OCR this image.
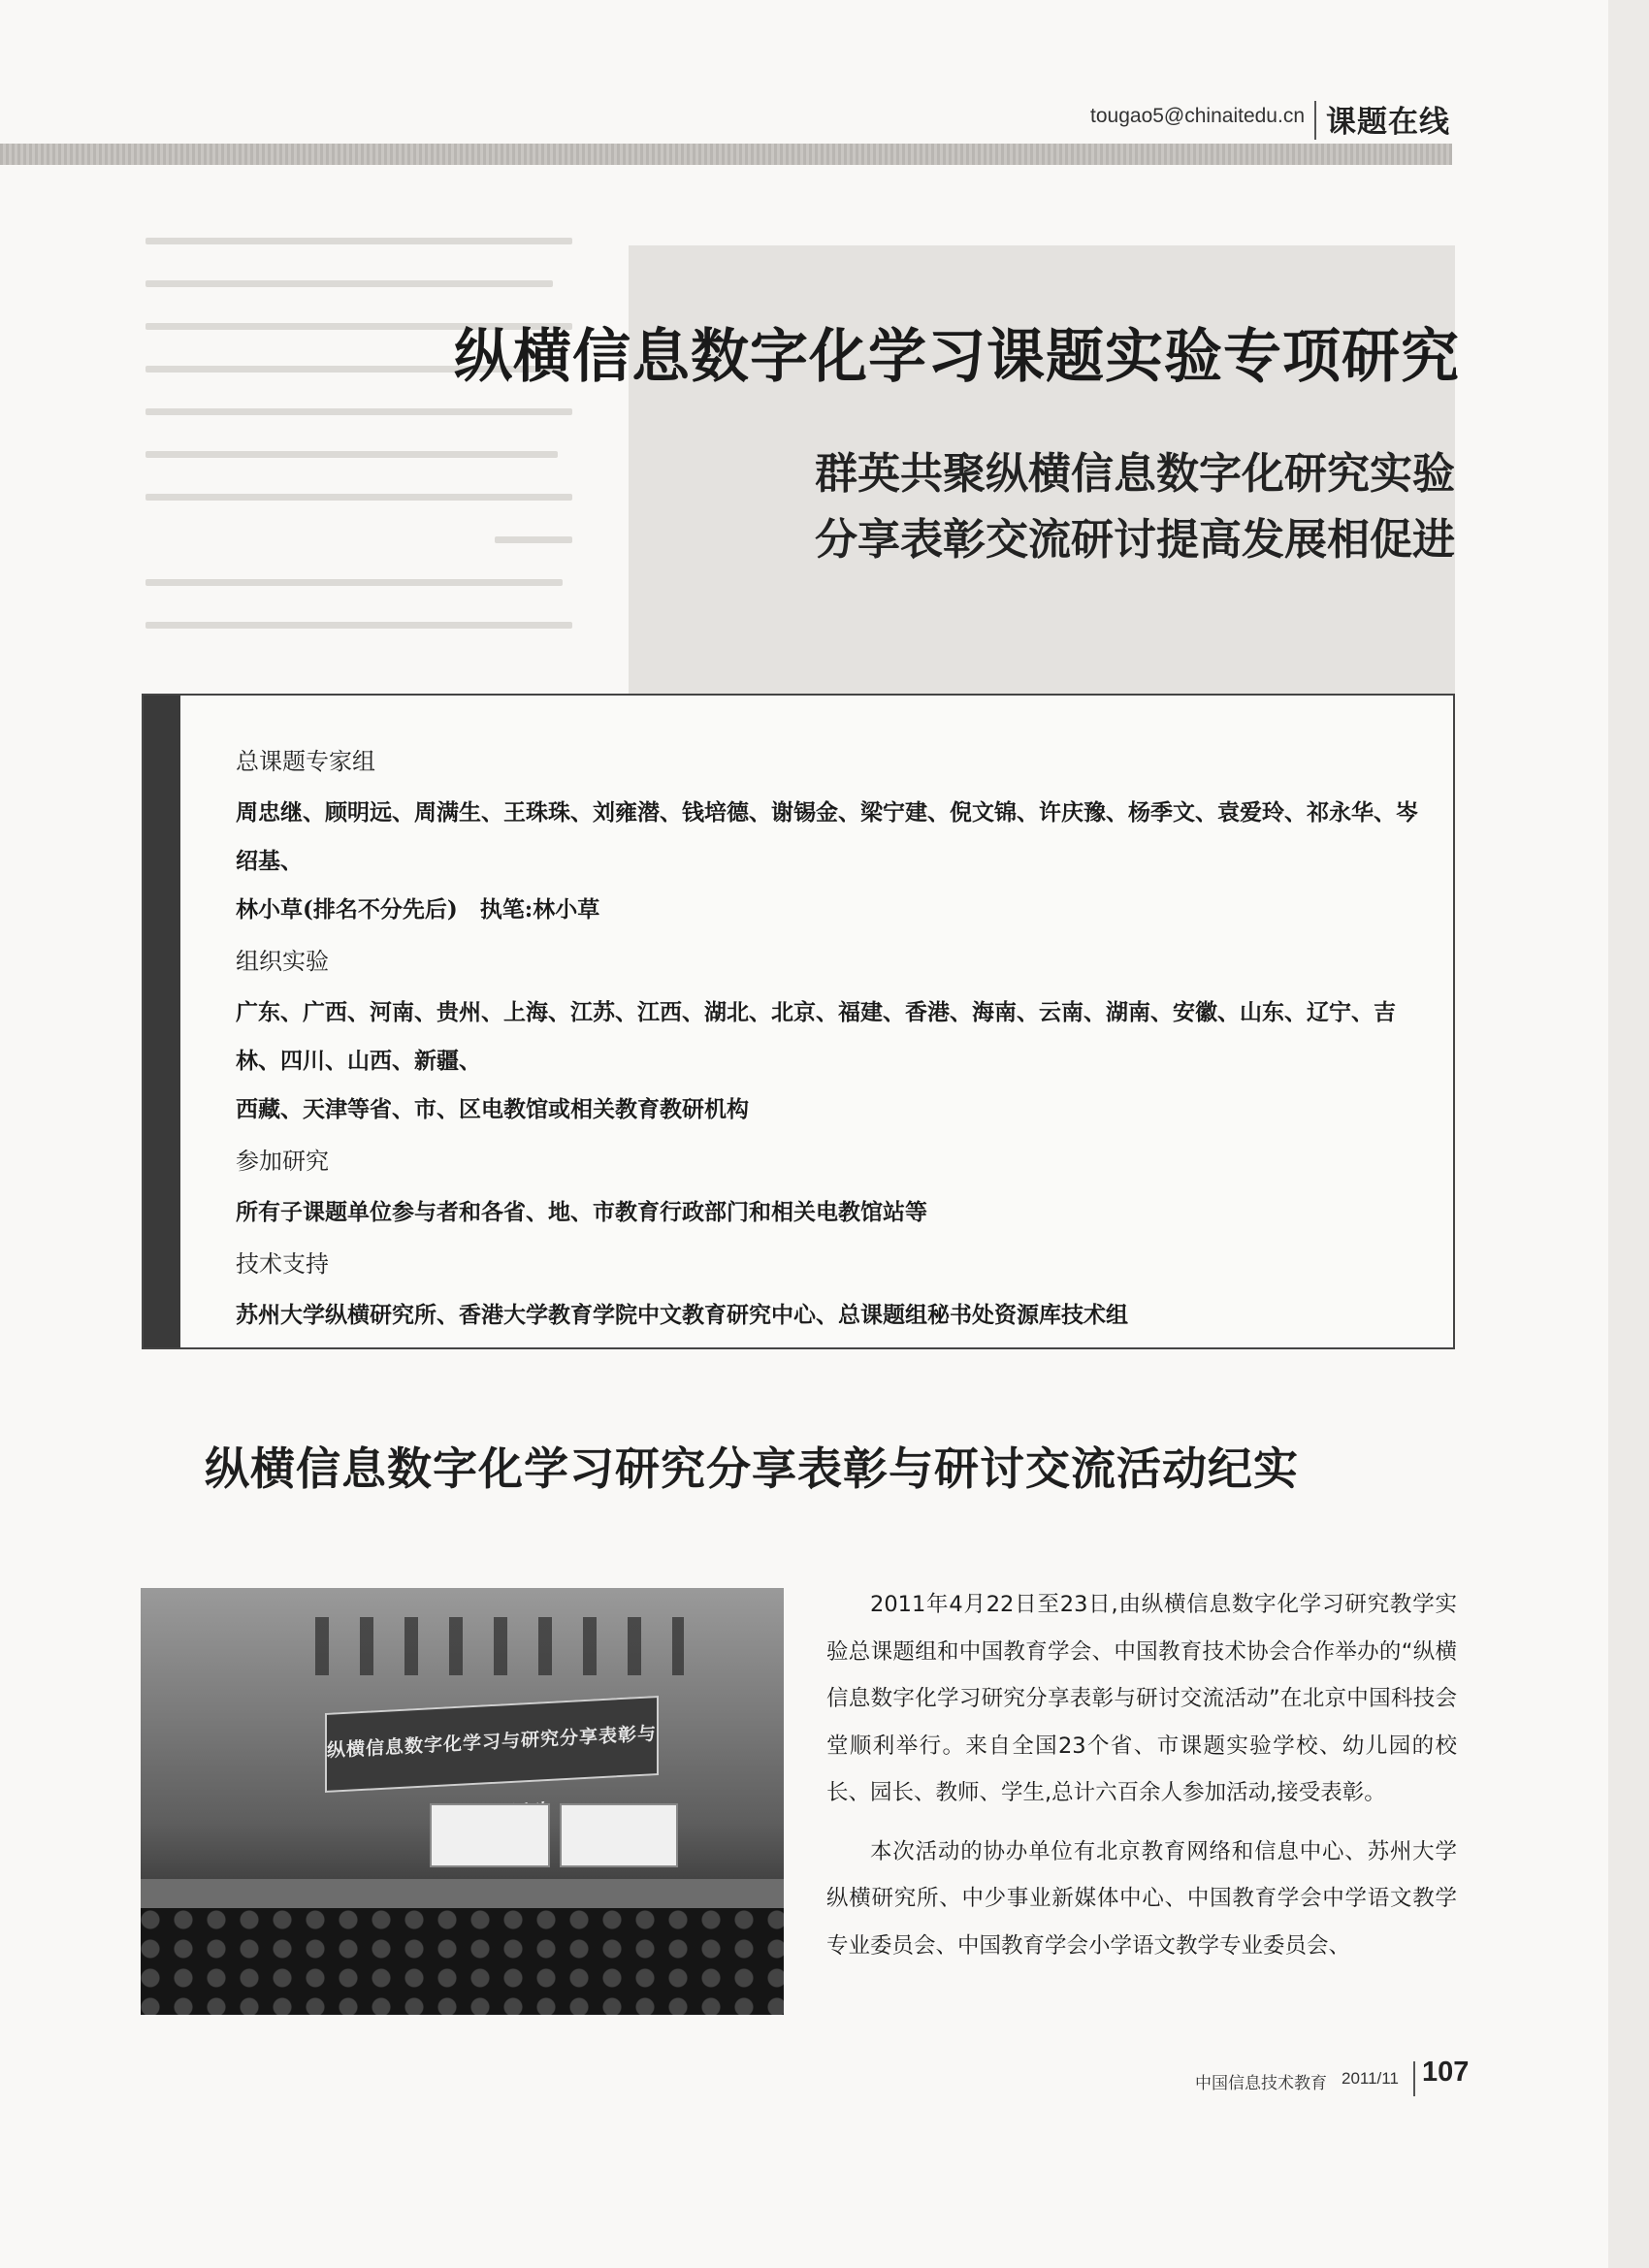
tougao5@chinaitedu.cn 课题在线
纵横信息数字化学习课题实验专项研究
群英共聚纵横信息数字化研究实验
分享表彰交流研讨提高发展相促进
总课题专家组
周忠继、顾明远、周满生、王珠珠、刘雍潜、钱培德、谢锡金、梁宁建、倪文锦、许庆豫、杨季文、袁爱玲、祁永华、岑绍基、
林小草(排名不分先后)　执笔:林小草
组织实验
广东、广西、河南、贵州、上海、江苏、江西、湖北、北京、福建、香港、海南、云南、湖南、安徽、山东、辽宁、吉林、四川、山西、新疆、
西藏、天津等省、市、区电教馆或相关教育教研机构
参加研究
所有子课题单位参与者和各省、地、市教育行政部门和相关电教馆站等
技术支持
苏州大学纵横研究所、香港大学教育学院中文教育研究中心、总课题组秘书处资源库技术组
纵横信息数字化学习研究分享表彰与研讨交流活动纪实
纵横信息数字化学习与研究分享表彰与研讨交流活动

2011年4月22日至23日,由纵横信息数字化学习研究教学实验总课题组和中国教育学会、中国教育技术协会合作举办的“纵横信息数字化学习研究分享表彰与研讨交流活动”在北京中国科技会堂顺利举行。来自全国23个省、市课题实验学校、幼儿园的校长、园长、教师、学生,总计六百余人参加活动,接受表彰。

本次活动的协办单位有北京教育网络和信息中心、苏州大学纵横研究所、中少事业新媒体中心、中国教育学会中学语文教学专业委员会、中国教育学会小学语文教学专业委员会、

中国信息技术教育 2011/11 107
